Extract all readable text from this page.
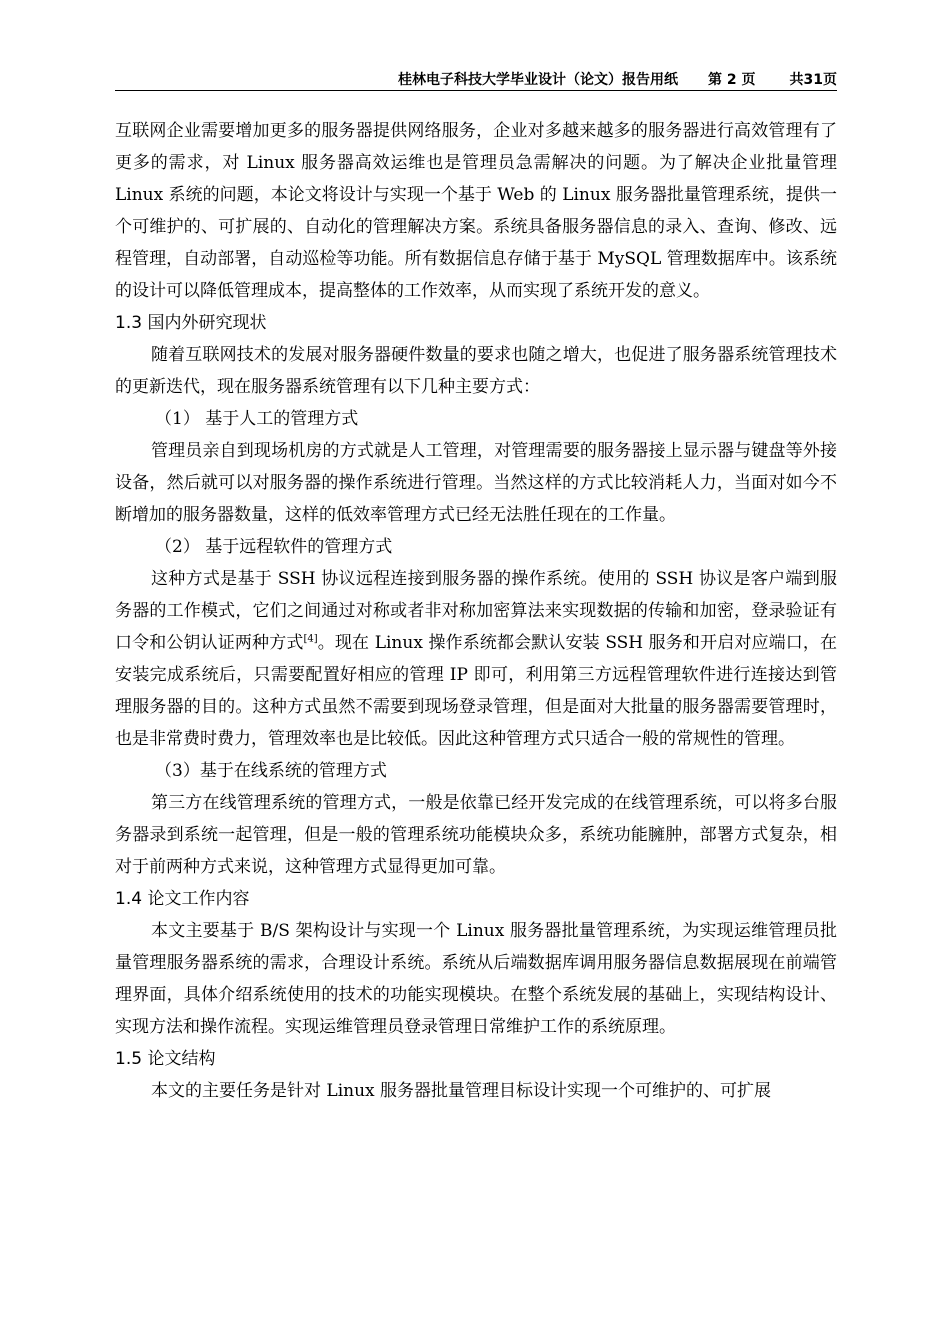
桂林电子科技大学毕业设计（论文）报告用纸 第 2 页 共31页

互联网企业需要增加更多的服务器提供网络服务，企业对多越来越多的服务器进行高效管理有了更多的需求，对 Linux 服务器高效运维也是管理员急需解决的问题。为了解决企业批量管理 Linux 系统的问题，本论文将设计与实现一个基于 Web 的 Linux 服务器批量管理系统，提供一个可维护的、可扩展的、自动化的管理解决方案。系统具备服务器信息的录入、查询、修改、远程管理，自动部署，自动巡检等功能。所有数据信息存储于基于 MySQL 管理数据库中。该系统的设计可以降低管理成本，提高整体的工作效率，从而实现了系统开发的意义。

1.3 国内外研究现状

随着互联网技术的发展对服务器硬件数量的要求也随之增大，也促进了服务器系统管理技术的更新迭代，现在服务器系统管理有以下几种主要方式：

（1） 基于人工的管理方式

管理员亲自到现场机房的方式就是人工管理，对管理需要的服务器接上显示器与键盘等外接设备，然后就可以对服务器的操作系统进行管理。当然这样的方式比较消耗人力，当面对如今不断增加的服务器数量，这样的低效率管理方式已经无法胜任现在的工作量。

（2） 基于远程软件的管理方式

这种方式是基于 SSH 协议远程连接到服务器的操作系统。使用的 SSH 协议是客户端到服务器的工作模式，它们之间通过对称或者非对称加密算法来实现数据的传输和加密，登录验证有口令和公钥认证两种方式[4]。现在 Linux 操作系统都会默认安装 SSH 服务和开启对应端口，在安装完成系统后，只需要配置好相应的管理 IP 即可，利用第三方远程管理软件进行连接达到管理服务器的目的。这种方式虽然不需要到现场登录管理，但是面对大批量的服务器需要管理时，也是非常费时费力，管理效率也是比较低。因此这种管理方式只适合一般的常规性的管理。

（3）基于在线系统的管理方式

第三方在线管理系统的管理方式，一般是依靠已经开发完成的在线管理系统，可以将多台服务器录到系统一起管理，但是一般的管理系统功能模块众多，系统功能臃肿，部署方式复杂，相对于前两种方式来说，这种管理方式显得更加可靠。

1.4 论文工作内容

本文主要基于 B/S 架构设计与实现一个 Linux 服务器批量管理系统，为实现运维管理员批量管理服务器系统的需求，合理设计系统。系统从后端数据库调用服务器信息数据展现在前端管理界面，具体介绍系统使用的技术的功能实现模块。在整个系统发展的基础上，实现结构设计、实现方法和操作流程。实现运维管理员登录管理日常维护工作的系统原理。

1.5 论文结构

本文的主要任务是针对 Linux 服务器批量管理目标设计实现一个可维护的、可扩展
